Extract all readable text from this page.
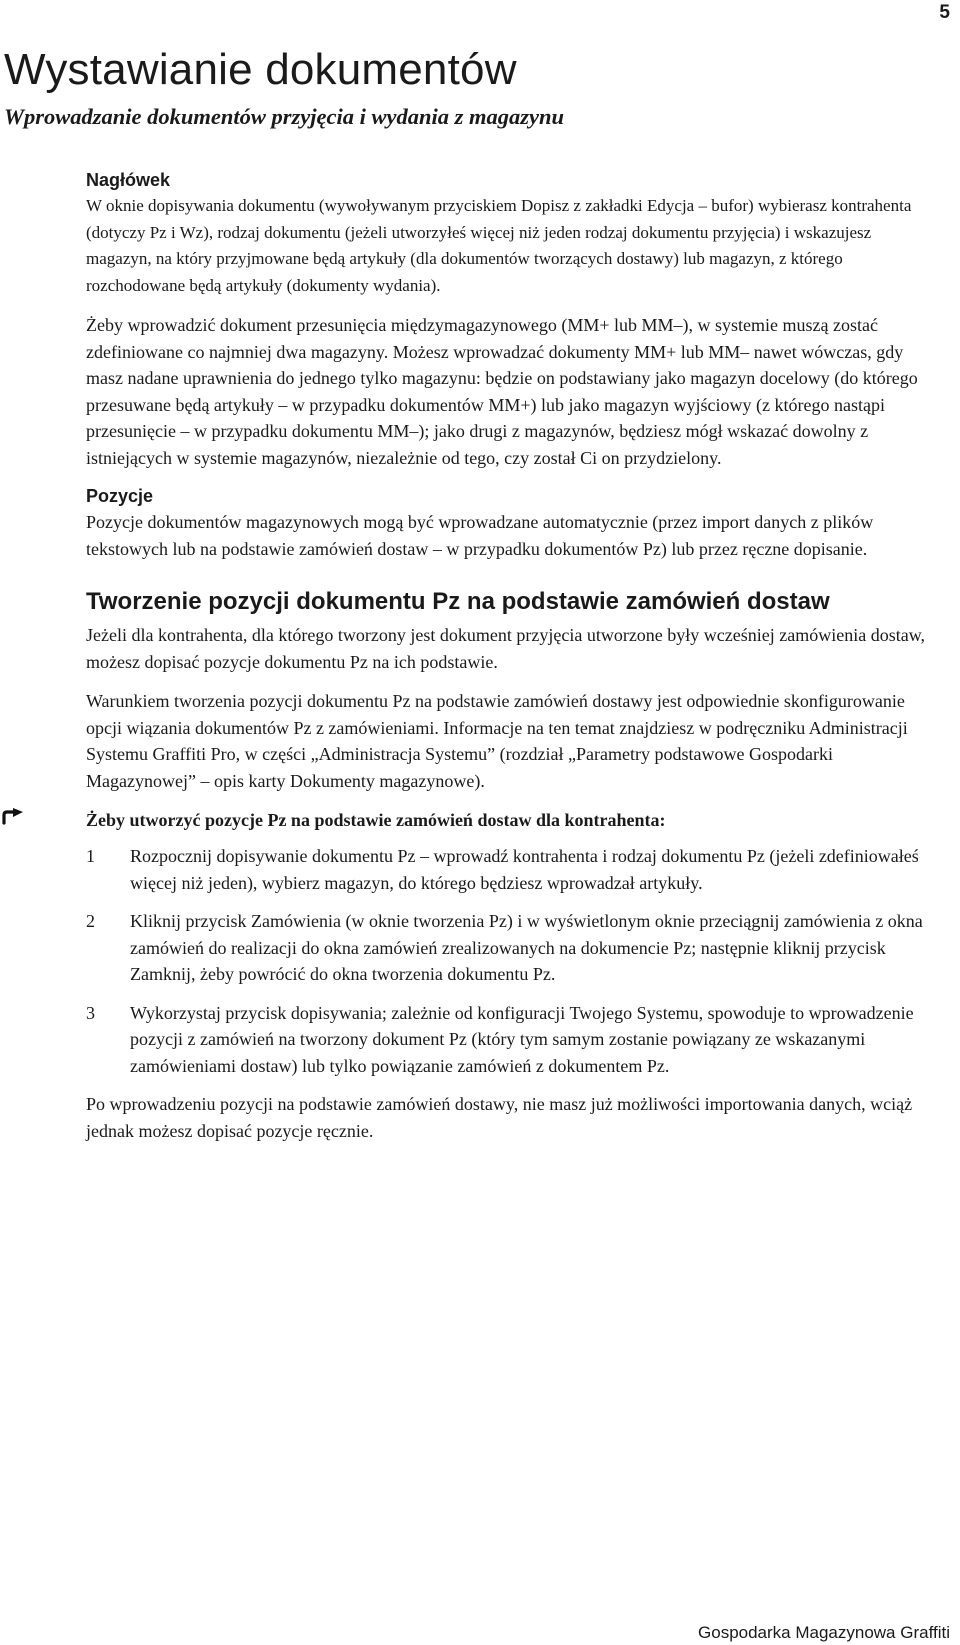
5
Wystawianie dokumentów
Wprowadzanie dokumentów przyjęcia i wydania z magazynu
Nagłówek

W oknie dopisywania dokumentu (wywoływanym przyciskiem Dopisz z zakładki Edycja – bufor) wybierasz kontrahenta (dotyczy Pz i Wz), rodzaj dokumentu (jeżeli utworzyłeś więcej niż jeden rodzaj dokumentu przyjęcia) i wskazujesz magazyn, na który przyjmowane będą artykuły (dla dokumentów tworzących dostawy) lub magazyn, z którego rozchodowane będą artykuły (dokumenty wydania).

Żeby wprowadzić dokument przesunięcia międzymagazynowego (MM+ lub MM–), w systemie muszą zostać zdefiniowane co najmniej dwa magazyny. Możesz wprowadzać dokumenty MM+ lub MM– nawet wówczas, gdy masz nadane uprawnienia do jednego tylko magazynu: będzie on podstawiany jako magazyn docelowy (do którego przesuwane będą artykuły – w przypadku dokumentów MM+) lub jako magazyn wyjściowy (z którego nastąpi przesunięcie – w przypadku dokumentu MM–); jako drugi z magazynów, będziesz mógł wskazać dowolny z istniejących w systemie magazynów, niezależnie od tego, czy został Ci on przydzielony.

Pozycje

Pozycje dokumentów magazynowych mogą być wprowadzane automatycznie (przez import danych z plików tekstowych lub na podstawie zamówień dostaw – w przypadku dokumentów Pz) lub przez ręczne dopisanie.

Tworzenie pozycji dokumentu Pz na podstawie zamówień dostaw

Jeżeli dla kontrahenta, dla którego tworzony jest dokument przyjęcia utworzone były wcześniej zamówienia dostaw, możesz dopisać pozycje dokumentu Pz na ich podstawie.

Warunkiem tworzenia pozycji dokumentu Pz na podstawie zamówień dostawy jest odpowiednie skonfigurowanie opcji wiązania dokumentów Pz z zamówieniami. Informacje na ten temat znajdziesz w podręczniku Administracji Systemu Graffiti Pro, w części „Administracja Systemu” (rozdział „Parametry podstawowe Gospodarki Magazynowej” – opis karty Dokumenty magazynowe).

Żeby utworzyć pozycje Pz na podstawie zamówień dostaw dla kontrahenta:
1 Rozpocznij dopisywanie dokumentu Pz – wprowadź kontrahenta i rodzaj dokumentu Pz (jeżeli zdefiniowałeś więcej niż jeden), wybierz magazyn, do którego będziesz wprowadzał artykuły.
2 Kliknij przycisk Zamówienia (w oknie tworzenia Pz) i w wyświetlonym oknie przeciągnij zamówienia z okna zamówień do realizacji do okna zamówień zrealizowanych na dokumencie Pz; następnie kliknij przycisk Zamknij, żeby powrócić do okna tworzenia dokumentu Pz.
3 Wykorzystaj przycisk dopisywania; zależnie od konfiguracji Twojego Systemu, spowoduje to wprowadzenie pozycji z zamówień na tworzony dokument Pz (który tym samym zostanie powiązany ze wskazanymi zamówieniami dostaw) lub tylko powiązanie zamówień z dokumentem Pz.

Po wprowadzeniu pozycji na podstawie zamówień dostawy, nie masz już możliwości importowania danych, wciąż jednak możesz dopisać pozycje ręcznie.

Gospodarka Magazynowa Graffiti
